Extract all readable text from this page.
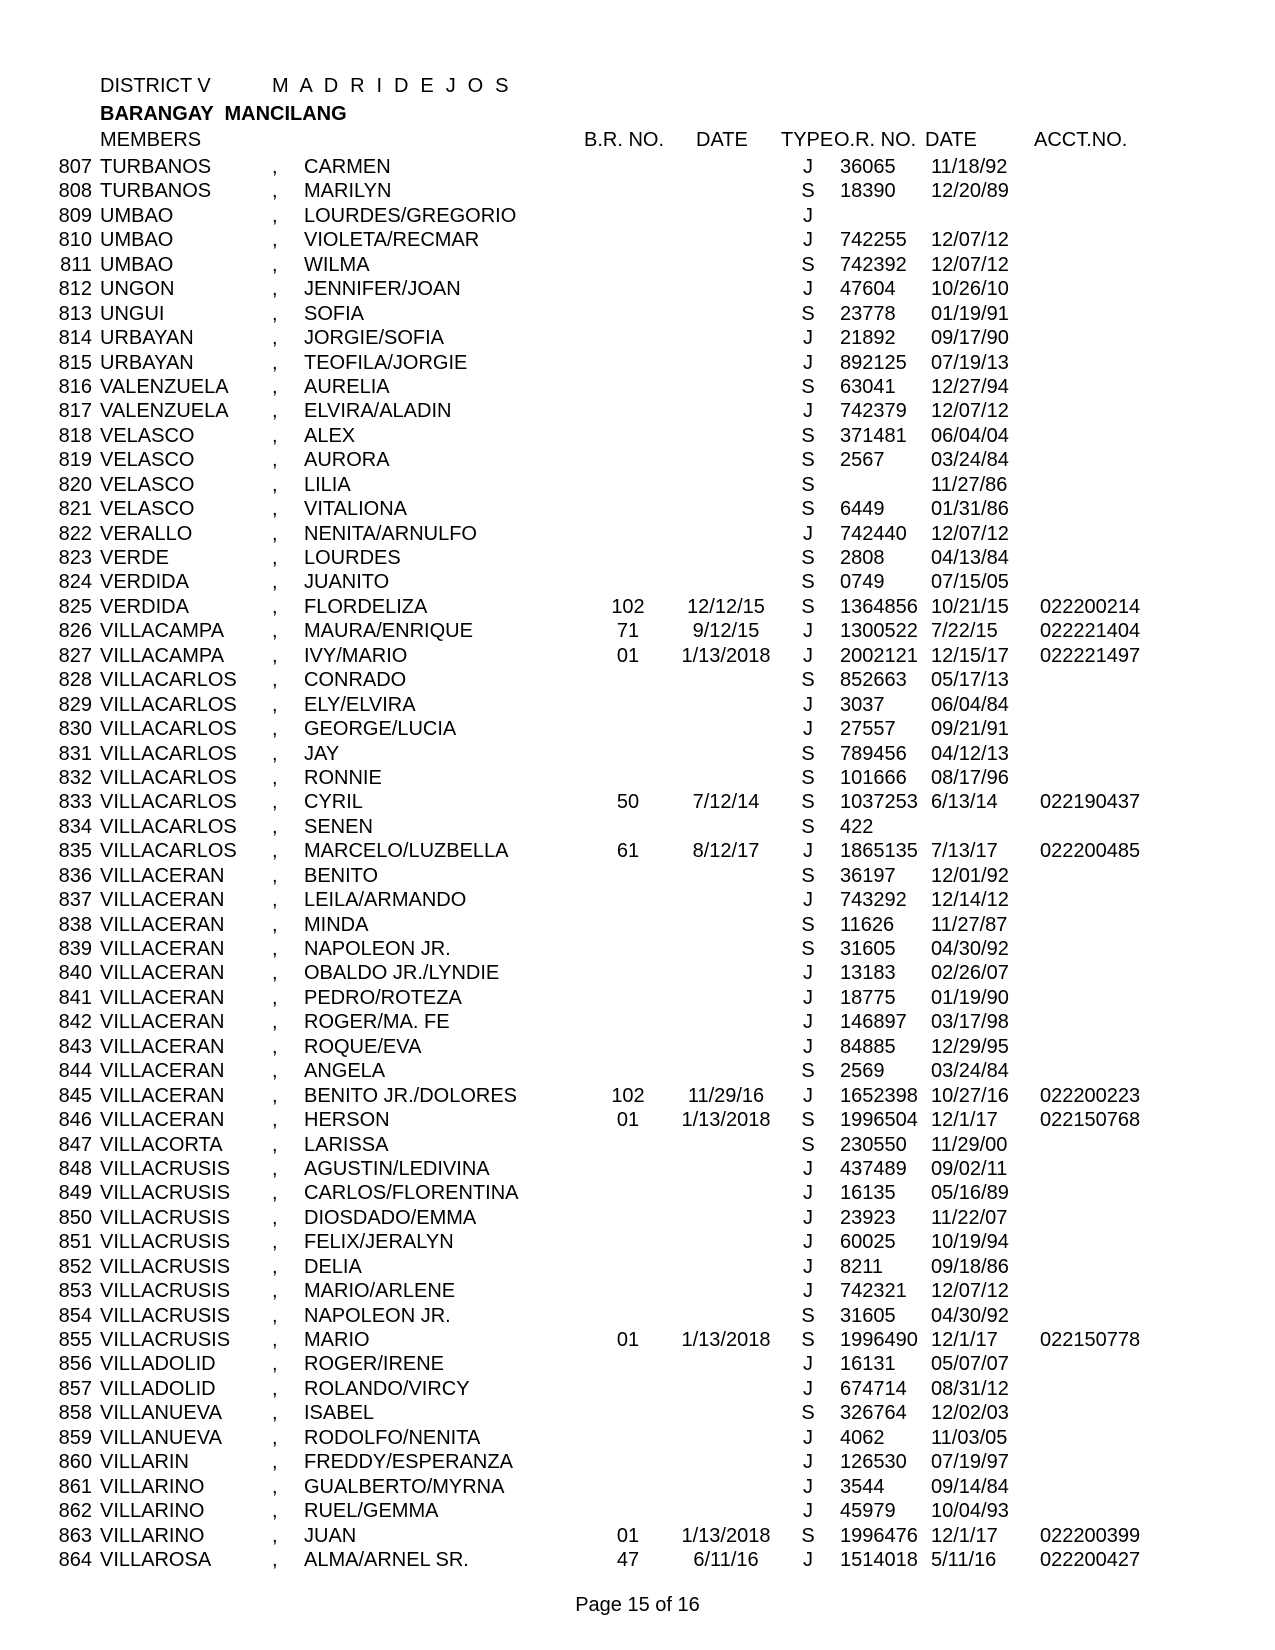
DISTRICT V	M A D R I D E J O S
BARANGAY  MANCILANG
MEMBERS	B.R. NO. DATE TYPE O.R. NO. DATE	ACCT.NO.
807 TURBANOS	, CARMEN	J	36065 11/18/92
808 TURBANOS	, MARILYN	S 18390 12/20/89
809 UMBAO	, LOURDES/GREGORIO	J
810 UMBAO	, VIOLETA/RECMAR	J	742255 12/07/12
811 UMBAO	, WILMA	S 742392 12/07/12
812 UNGON	, JENNIFER/JOAN	J	47604 10/26/10
813 UNGUI	, SOFIA	S 23778 01/19/91
814 URBAYAN	, JORGIE/SOFIA	J	21892 09/17/90
815 URBAYAN	, TEOFILA/JORGIE	J	892125 07/19/13
816 VALENZUELA , AURELIA	S 63041 12/27/94
817 VALENZUELA , ELVIRA/ALADIN	J	742379 12/07/12
818 VELASCO	, ALEX	S 371481 06/04/04
819 VELASCO	, AURORA	S 2567 03/24/84
820 VELASCO	, LILIA	S	11/27/86
821 VELASCO	, VITALIONA	S 6449 01/31/86
822 VERALLO	, NENITA/ARNULFO	J	742440 12/07/12
823 VERDE	, LOURDES	S 2808 04/13/84
824 VERDIDA	, JUANITO	S 0749 07/15/05
825 VERDIDA	, FLORDELIZA	102	12/12/15	S 1364856 10/21/15 022200214
826 VILLACAMPA , MAURA/ENRIQUE	71	9/12/15	J	1300522 7/22/15 022221404
827 VILLACAMPA , IVY/MARIO	01	1/13/2018	J	2002121 12/15/17 022221497
828 VILLACARLOS , CONRADO	S 852663 05/17/13
829 VILLACARLOS , ELY/ELVIRA	J	3037 06/04/84
830 VILLACARLOS , GEORGE/LUCIA	J	27557 09/21/91
831 VILLACARLOS , JAY	S 789456 04/12/13
832 VILLACARLOS , RONNIE	S 101666 08/17/96
833 VILLACARLOS , CYRIL	50	7/12/14	S 1037253 6/13/14 022190437
834 VILLACARLOS , SENEN	S 422
835 VILLACARLOS , MARCELO/LUZBELLA	61	8/12/17	J	1865135 7/13/17 022200485
836 VILLACERAN , BENITO	S 36197 12/01/92
837 VILLACERAN , LEILA/ARMANDO	J	743292 12/14/12
838 VILLACERAN , MINDA	S 11626 11/27/87
839 VILLACERAN , NAPOLEON JR.	S 31605 04/30/92
840 VILLACERAN , OBALDO JR./LYNDIE	J	13183 02/26/07
841 VILLACERAN , PEDRO/ROTEZA	J	18775 01/19/90
842 VILLACERAN , ROGER/MA. FE	J	146897 03/17/98
843 VILLACERAN , ROQUE/EVA	J	84885 12/29/95
844 VILLACERAN , ANGELA	S 2569 03/24/84
845 VILLACERAN , BENITO JR./DOLORES	102	11/29/16	J	1652398 10/27/16 022200223
846 VILLACERAN , HERSON	01	1/13/2018	S 1996504 12/1/17 022150768
847 VILLACORTA , LARISSA	S 230550 11/29/00
848 VILLACRUSIS , AGUSTIN/LEDIVINA	J	437489 09/02/11
849 VILLACRUSIS , CARLOS/FLORENTINA	J	16135 05/16/89
850 VILLACRUSIS , DIOSDADO/EMMA	J	23923 11/22/07
851 VILLACRUSIS , FELIX/JERALYN	J	60025 10/19/94
852 VILLACRUSIS , DELIA	J	8211 09/18/86
853 VILLACRUSIS , MARIO/ARLENE	J	742321 12/07/12
854 VILLACRUSIS , NAPOLEON JR.	S 31605 04/30/92
855 VILLACRUSIS , MARIO	01	1/13/2018	S 1996490 12/1/17 022150778
856 VILLADOLID	, ROGER/IRENE	J	16131 05/07/07
857 VILLADOLID	, ROLANDO/VIRCY	J	674714 08/31/12
858 VILLANUEVA	, ISABEL	S 326764 12/02/03
859 VILLANUEVA	, RODOLFO/NENITA	J	4062 11/03/05
860 VILLARIN	, FREDDY/ESPERANZA	J	126530 07/19/97
861 VILLARINO	, GUALBERTO/MYRNA	J	3544 09/14/84
862 VILLARINO	, RUEL/GEMMA	J	45979 10/04/93
863 VILLARINO	, JUAN	01	1/13/2018	S 1996476 12/1/17 022200399
864 VILLAROSA	, ALMA/ARNEL SR.	47	6/11/16	J	1514018 5/11/16 022200427
Page 15 of 16
